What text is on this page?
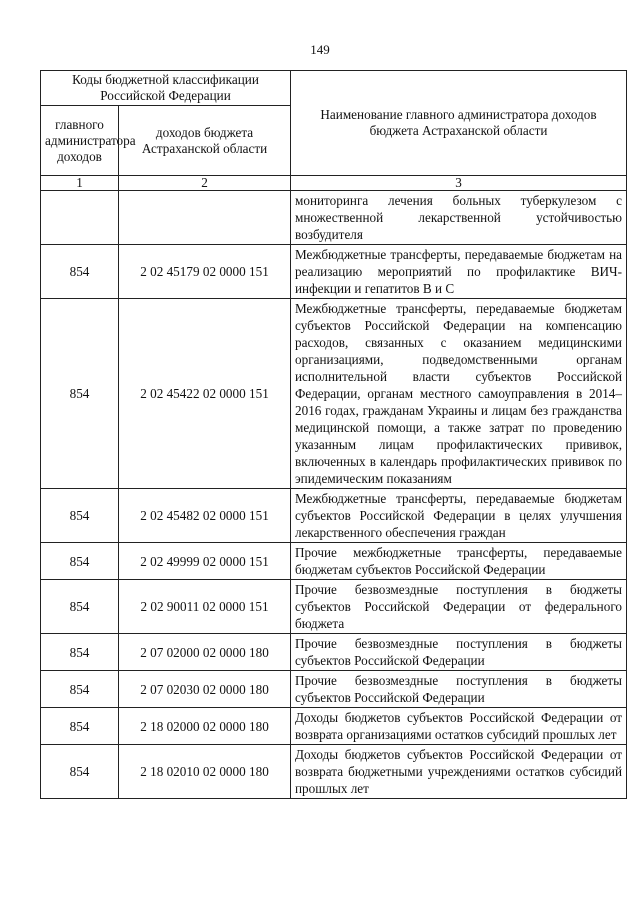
149
Коды бюджетной классификации Российской Федерации		Наименование главного администратора доходов бюджета Астраханской области
главного администратора доходов	доходов бюджета Астраханской области	
1	2	3
		мониторинга лечения больных туберкулезом с множественной лекарственной устойчивостью возбудителя
854	2 02 45179 02 0000 151	Межбюджетные трансферты, передаваемые бюджетам на реализацию мероприятий по профилактике ВИЧ-инфекции и гепатитов B и C
854	2 02 45422 02 0000 151	Межбюджетные трансферты, передаваемые бюджетам субъектов Российской Федерации на компенсацию расходов, связанных с оказанием медицинскими организациями, подведомственными органам исполнительной власти субъектов Российской Федерации, органам местного самоуправления в 2014–2016 годах, гражданам Украины и лицам без гражданства медицинской помощи, а также затрат по проведению указанным лицам профилактических прививок, включенных в календарь профилактических прививок по эпидемическим показаниям
854	2 02 45482 02 0000 151	Межбюджетные трансферты, передаваемые бюджетам субъектов Российской Федерации в целях улучшения лекарственного обеспечения граждан
854	2 02 49999 02 0000 151	Прочие межбюджетные трансферты, передаваемые бюджетам субъектов Российской Федерации
854	2 02 90011 02 0000 151	Прочие безвозмездные поступления в бюджеты субъектов Российской Федерации от федерального бюджета
854	2 07 02000 02 0000 180	Прочие безвозмездные поступления в бюджеты субъектов Российской Федерации
854	2 07 02030 02 0000 180	Прочие безвозмездные поступления в бюджеты субъектов Российской Федерации
854	2 18 02000 02 0000 180	Доходы бюджетов субъектов Российской Федерации от возврата организациями остатков субсидий прошлых лет
854	2 18 02010 02 0000 180	Доходы бюджетов субъектов Российской Федерации от возврата бюджетными учреждениями остатков субсидий прошлых лет
